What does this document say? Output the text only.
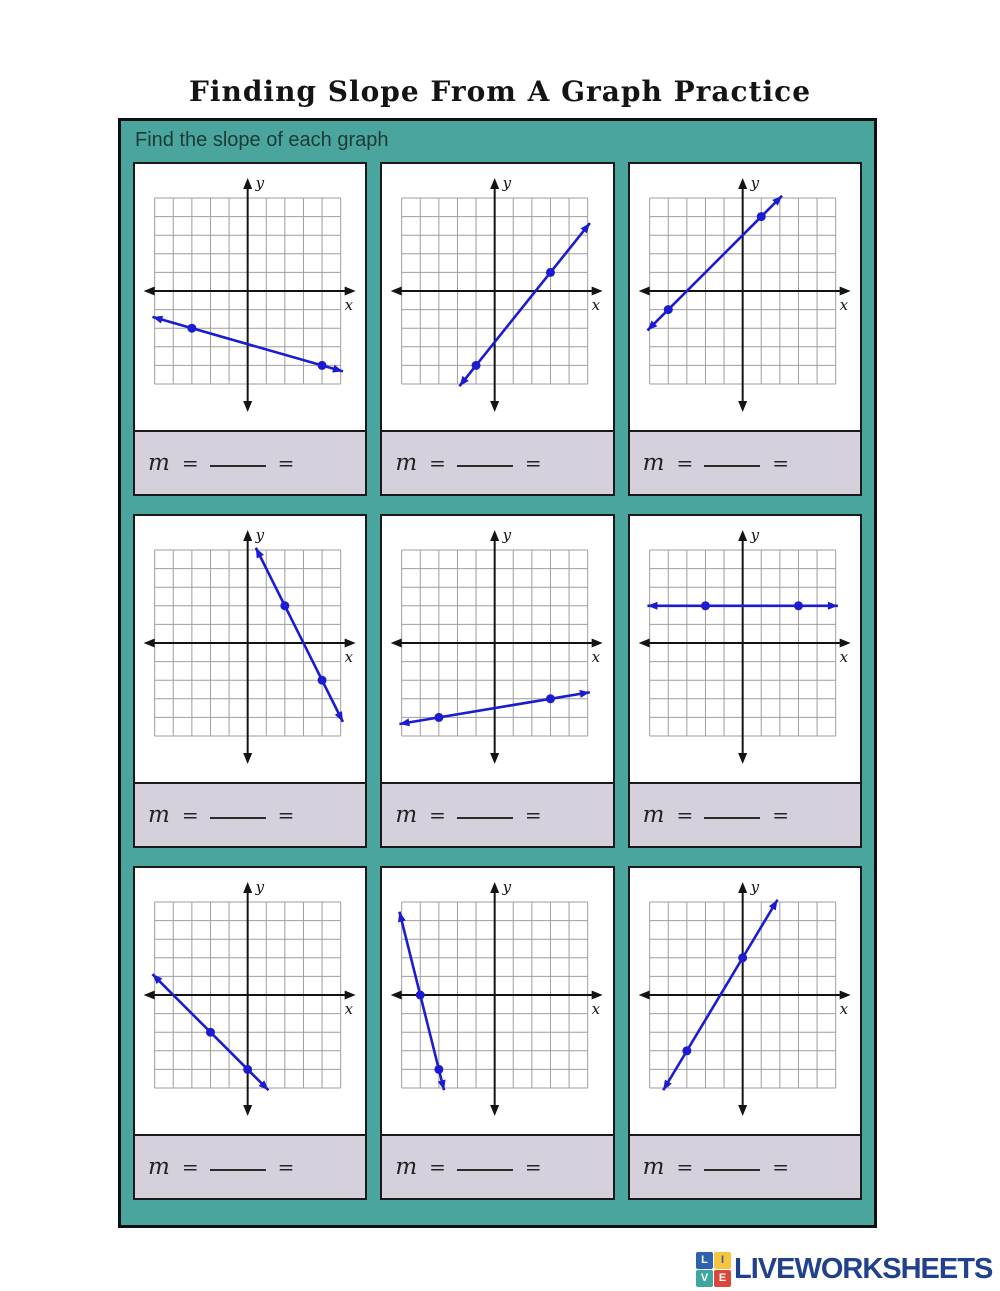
Finding Slope From A Graph Practice
Find the slope of each graph
y
x
m =	=	y
x
m =	= y
x
m =	=
y
x
m =	= y
x
m =	= y
x
m =	=
y
x
m =	= y
x
m =	= y
x
m =	=
L	I
V E LIVEWORKSHEETS
